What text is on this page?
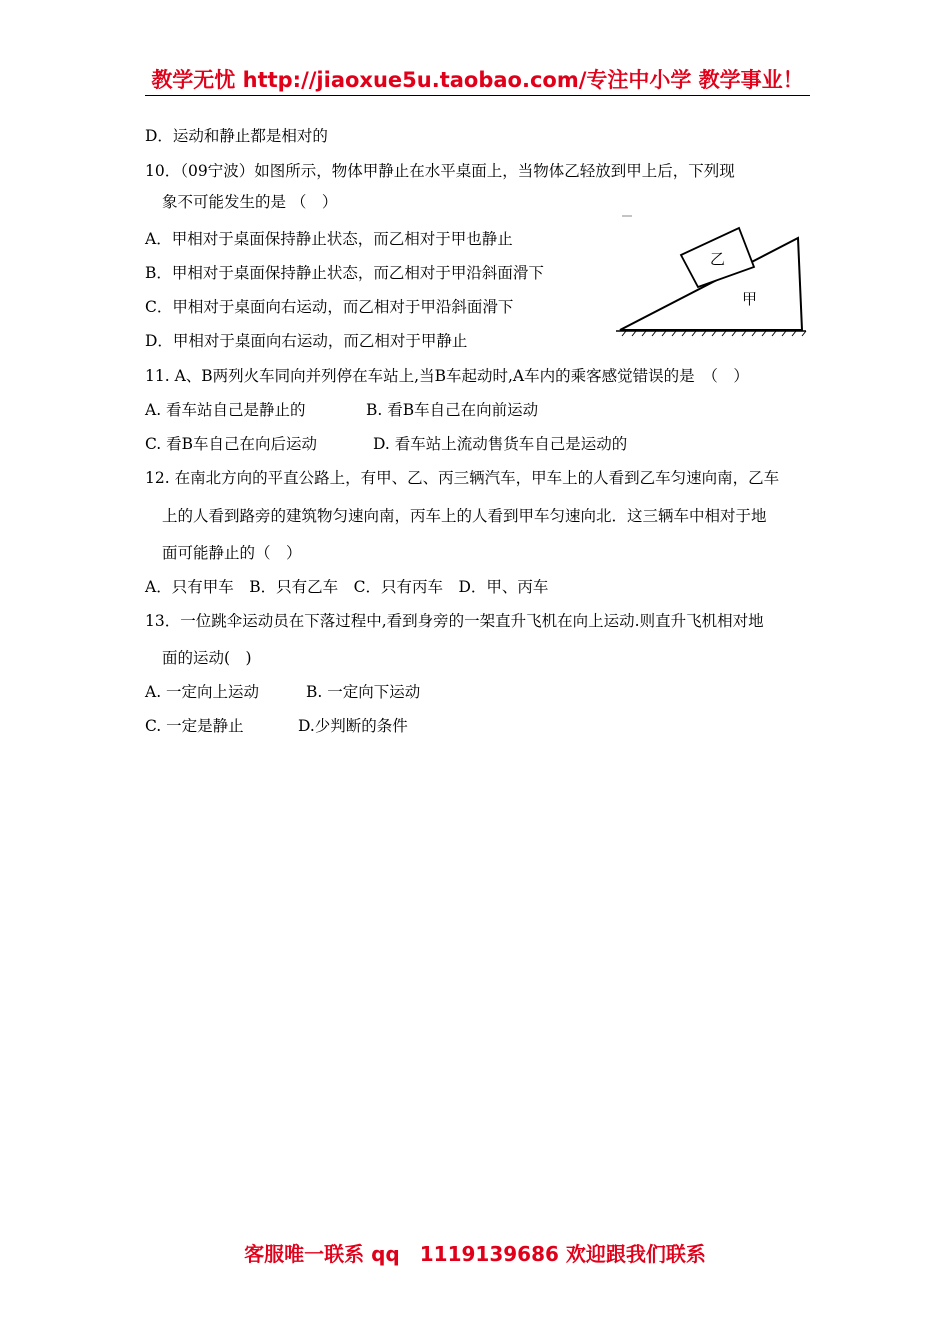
教学无忧 http://jiaoxue5u.taobao.com/专注中小学 教学事业！
D．运动和静止都是相对的
10．（09宁波）如图所示，物体甲静止在水平桌面上，当物体乙轻放到甲上后，下列现
象不可能发生的是 （　）
A．甲相对于桌面保持静止状态，而乙相对于甲也静止
B．甲相对于桌面保持静止状态，而乙相对于甲沿斜面滑下
C．甲相对于桌面向右运动，而乙相对于甲沿斜面滑下
D．甲相对于桌面向右运动，而乙相对于甲静止
乙
甲
11. A、B两列火车同向并列停在车站上,当B车起动时,A车内的乘客感觉错误的是　（　）
A. 看车站自己是静止的	B. 看B车自己在向前运动
C. 看B车自己在向后运动	D. 看车站上流动售货车自己是运动的
12. 在南北方向的平直公路上，有甲、乙、丙三辆汽车，甲车上的人看到乙车匀速向南，乙车
上的人看到路旁的建筑物匀速向南，丙车上的人看到甲车匀速向北．这三辆车中相对于地
面可能静止的（　）
A．只有甲车　B．只有乙车　C．只有丙车　D．甲、丙车
13．一位跳伞运动员在下落过程中,看到身旁的一架直升飞机在向上运动.则直升飞机相对地
面的运动(　)
A. 一定向上运动	B. 一定向下运动
C. 一定是静止	D.少判断的条件
客服唯一联系 qq　1119139686 欢迎跟我们联系
